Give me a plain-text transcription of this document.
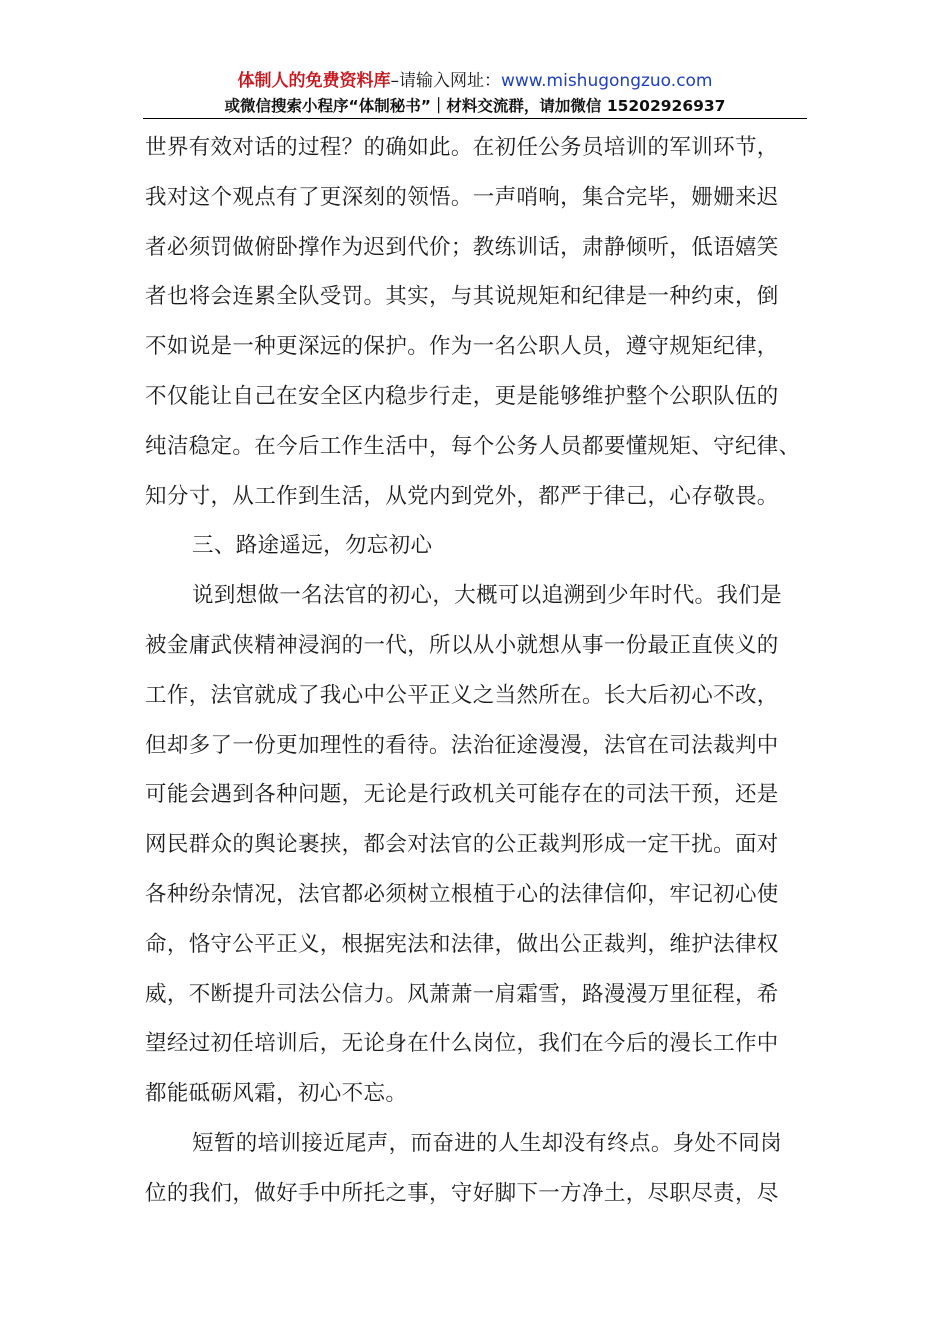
体制人的免费资料库–请输入网址：www.mishugongzuo.com
或微信搜索小程序“体制秘书”｜材料交流群，请加微信 15202926937
世界有效对话的过程？的确如此。在初任公务员培训的军训环节，
我对这个观点有了更深刻的领悟。一声哨响，集合完毕，姗姗来迟
者必须罚做俯卧撑作为迟到代价；教练训话，肃静倾听，低语嬉笑
者也将会连累全队受罚。其实，与其说规矩和纪律是一种约束，倒
不如说是一种更深远的保护。作为一名公职人员，遵守规矩纪律，
不仅能让自己在安全区内稳步行走，更是能够维护整个公职队伍的
纯洁稳定。在今后工作生活中，每个公务人员都要懂规矩、守纪律、
知分寸，从工作到生活，从党内到党外，都严于律己，心存敬畏。
三、路途遥远，勿忘初心
说到想做一名法官的初心，大概可以追溯到少年时代。我们是
被金庸武侠精神浸润的一代，所以从小就想从事一份最正直侠义的
工作，法官就成了我心中公平正义之当然所在。长大后初心不改，
但却多了一份更加理性的看待。法治征途漫漫，法官在司法裁判中
可能会遇到各种问题，无论是行政机关可能存在的司法干预，还是
网民群众的舆论裹挟，都会对法官的公正裁判形成一定干扰。面对
各种纷杂情况，法官都必须树立根植于心的法律信仰，牢记初心使
命，恪守公平正义，根据宪法和法律，做出公正裁判，维护法律权
威，不断提升司法公信力。风萧萧一肩霜雪，路漫漫万里征程，希
望经过初任培训后，无论身在什么岗位，我们在今后的漫长工作中
都能砥砺风霜，初心不忘。
短暂的培训接近尾声，而奋进的人生却没有终点。身处不同岗
位的我们，做好手中所托之事，守好脚下一方净土，尽职尽责，尽
